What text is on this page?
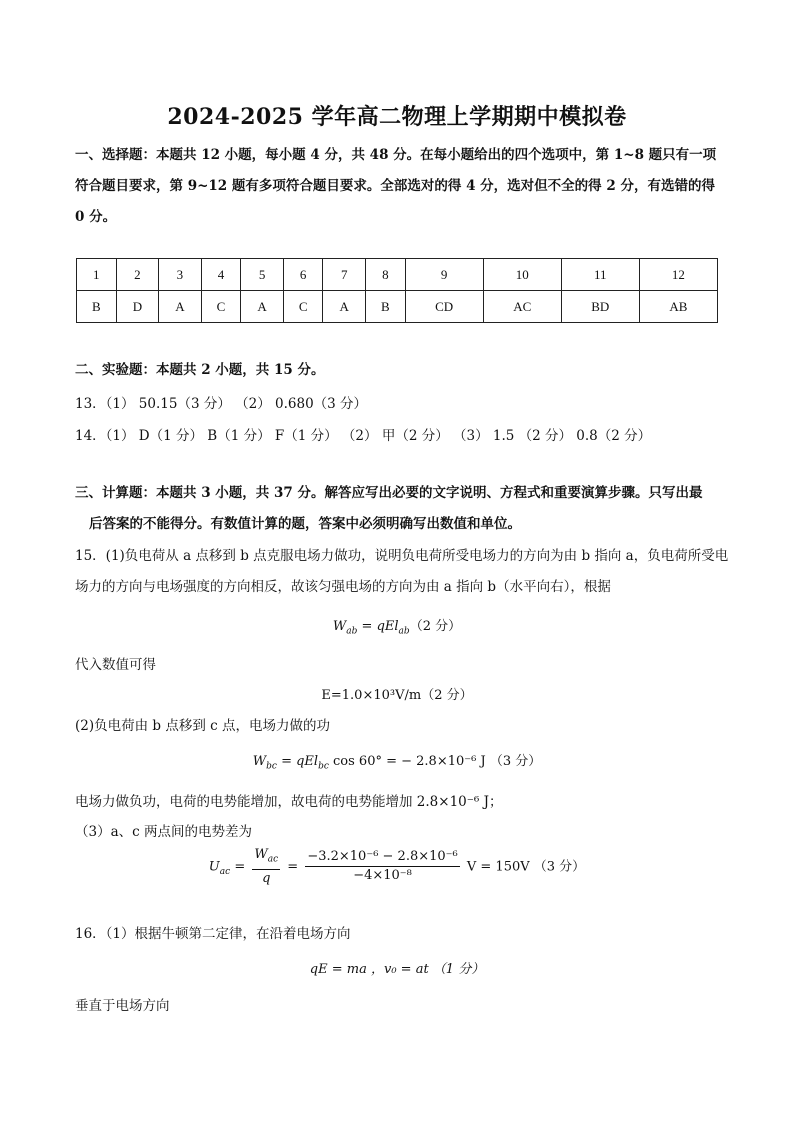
2024-2025 学年高二物理上学期期中模拟卷
一、选择题：本题共 12 小题，每小题 4 分，共 48 分。在每小题给出的四个选项中，第 1~8 题只有一项
符合题目要求，第 9~12 题有多项符合题目要求。全部选对的得 4 分，选对但不全的得 2 分，有选错的得
0 分。
1	2	3	4	5	6	7	8	9	10	11	12
B	D	A	C	A	C	A	B	CD	AC	BD	AB
二、实验题：本题共 2 小题，共 15 分。
13．（1） 50.15（3 分） （2） 0.680（3 分）
14．（1） D（1 分） B（1 分） F（1 分） （2） 甲（2 分） （3） 1.5 （2 分） 0.8（2 分）
三、计算题：本题共 3 小题，共 37 分。解答应写出必要的文字说明、方程式和重要演算步骤。只写出最
后答案的不能得分。有数值计算的题，答案中必须明确写出数值和单位。
15．(1)负电荷从 a 点移到 b 点克服电场力做功，说明负电荷所受电场力的方向为由 b 指向 a，负电荷所受电
场力的方向与电场强度的方向相反，故该匀强电场的方向为由 a 指向 b（水平向右），根据
$W_{ab} = qEl_{ab}(2$ 分）
代入数值可得
E=1.0×10³V/m（2 分）
(2)负电荷由 b 点移到 c 点，电场力做的功
$W_{bc} = qEl_{bc}$ cos 60° = − 2.8×10⁻⁶ J （3 分）
电场力做负功，电荷的电势能增加，故电荷的电势能增加 2.8×10⁻⁶ J；
（3）a、c 两点间的电势差为
$U_{ac} = \frac{W_{ac}}{q} = \frac{\text{−3.2×10⁻⁶ − 2.8×10⁻⁶}}{\text{−4×10⁻⁸}}$ V = 150V （3 分）
16．（1）根据牛顿第二定律，在沿着电场方向
qE = ma ，v₀ = at （1 分）
垂直于电场方向
